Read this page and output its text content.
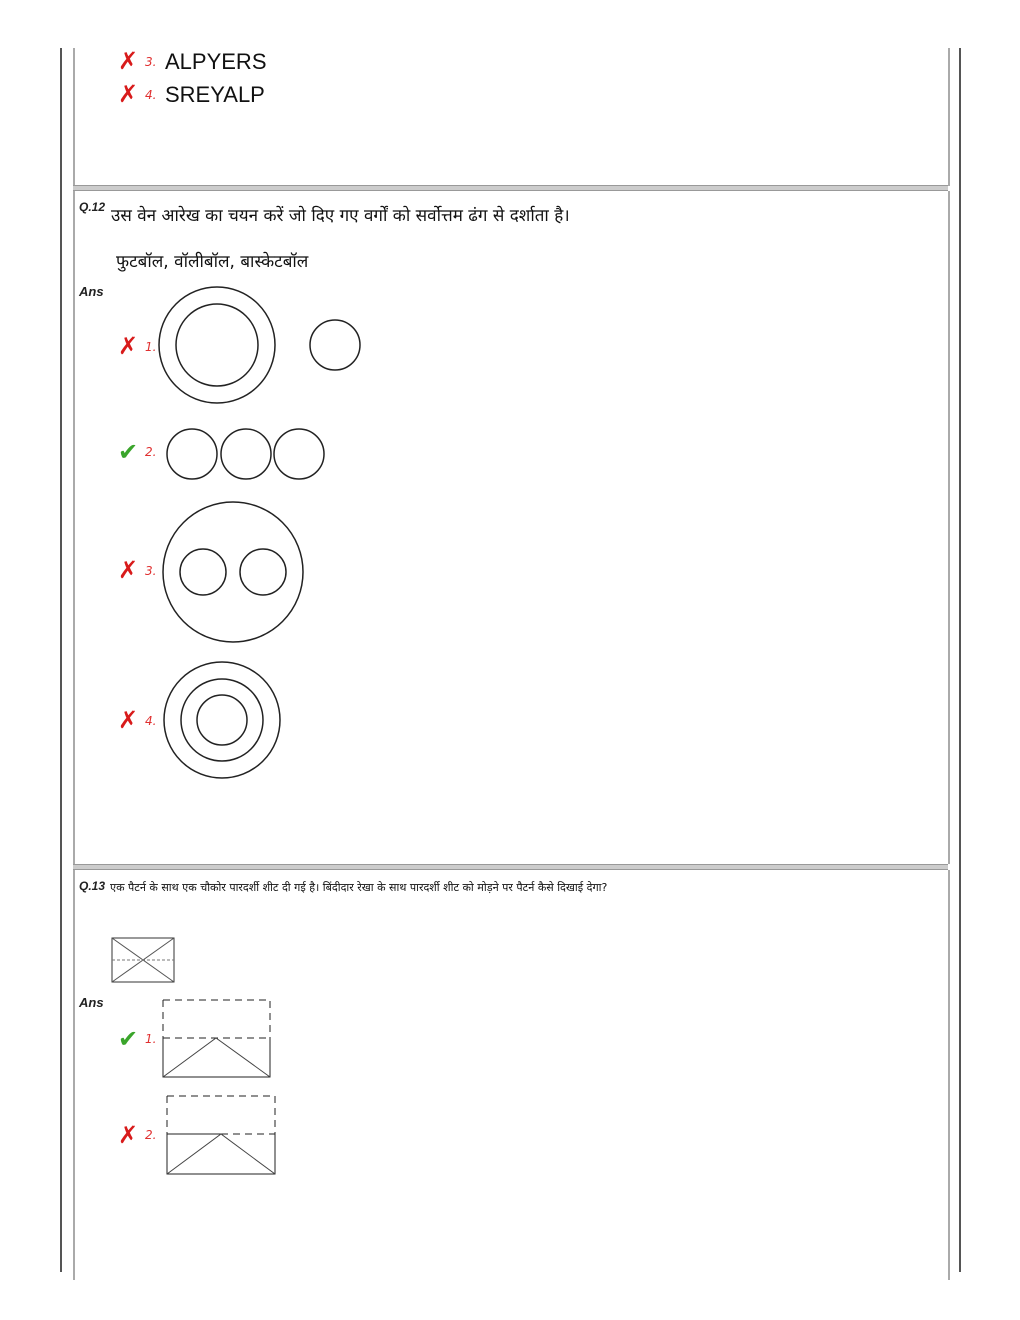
✗ 3. ALPYERS
✗ 4. SREYALP
Q.12 उस वेन आरेख का चयन करें जो दिए गए वर्गों को सर्वोत्तम ढंग से दर्शाता है।
फुटबॉल, वॉलीबॉल, बास्केटबॉल
Ans
✗ 1.
✔ 2.
✗ 3.
✗ 4.
Q.13 एक पैटर्न के साथ एक चौकोर पारदर्शी शीट दी गई है। बिंदीदार रेखा के साथ पारदर्शी शीट को मोड़ने पर पैटर्न कैसे दिखाई देगा?
Ans
✔ 1.
✗ 2.
